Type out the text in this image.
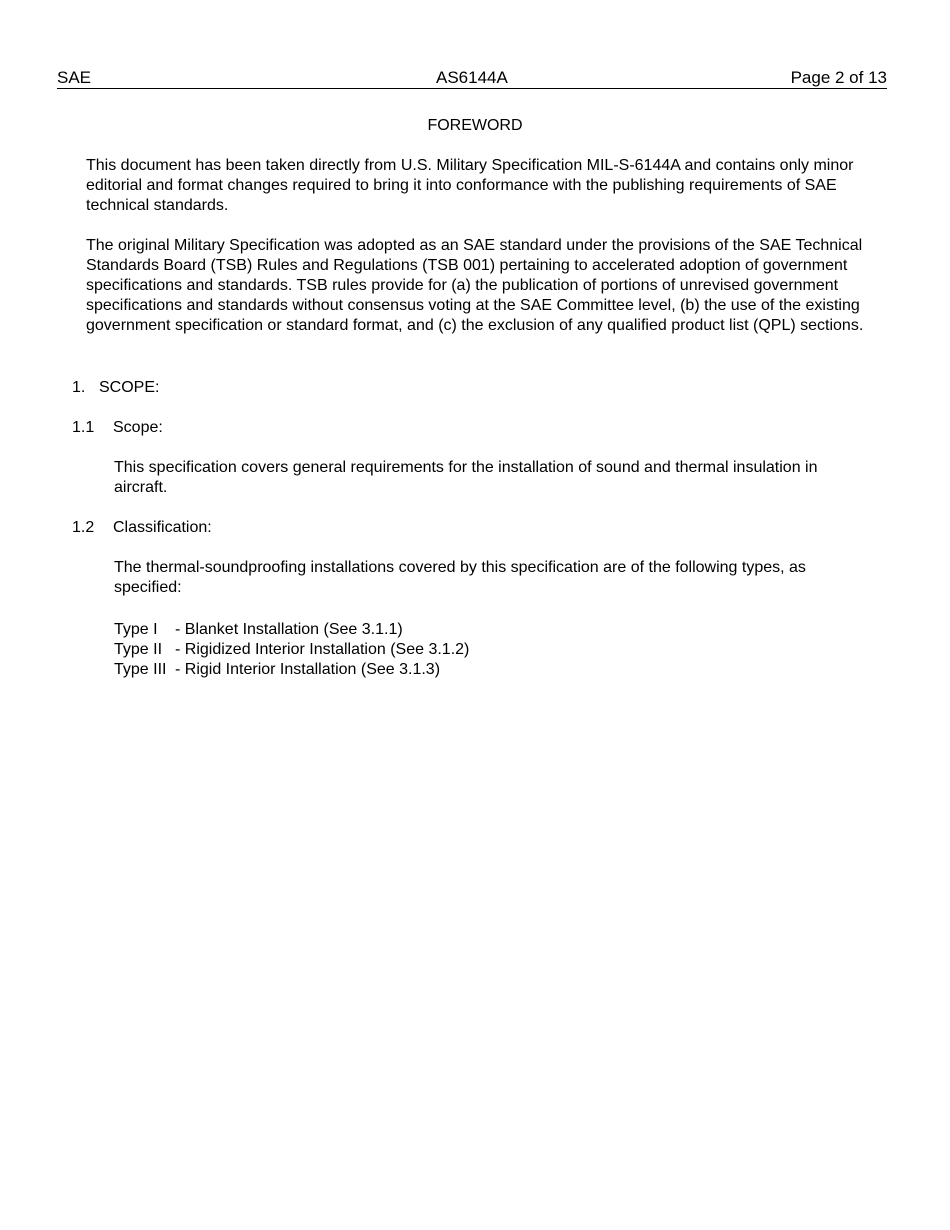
SAE	AS6144A	Page 2 of 13
FOREWORD

This document has been taken directly from U.S. Military Specification MIL-S-6144A and contains only minor editorial and format changes required to bring it into conformance with the publishing requirements of SAE technical standards.

The original Military Specification was adopted as an SAE standard under the provisions of the SAE Technical Standards Board (TSB) Rules and Regulations (TSB 001) pertaining to accelerated adoption of government specifications and standards. TSB rules provide for (a) the publication of portions of unrevised government specifications and standards without consensus voting at the SAE Committee level, (b) the use of the existing government specification or standard format, and (c) the exclusion of any qualified product list (QPL) sections.

1. SCOPE:
1.1 Scope:

This specification covers general requirements for the installation of sound and thermal insulation in aircraft.

1.2 Classification:

The thermal-soundproofing installations covered by this specification are of the following types, as specified:

Type I - Blanket Installation (See 3.1.1)
Type II - Rigidized Interior Installation (See 3.1.2)
Type III - Rigid Interior Installation (See 3.1.3)
